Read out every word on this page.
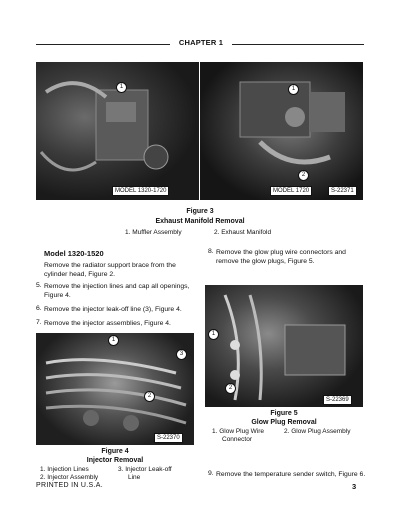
CHAPTER 1
1
MODEL 1320-1720
1
2
MODEL 1720	S-22371
Figure 3
Exhaust Manifold Removal
1. Muffler Assembly	2. Exhaust Manifold
Model 1320-1520
Remove the radiator support brace from the cylinder head, Figure 2.
5. Remove the injection lines and cap all openings, Figure 4.
6. Remove the injector leak-off line (3), Figure 4.
7. Remove the injector assemblies, Figure 4.
1
2
3
S-22370
Figure 4
Injector Removal
1. Injection Lines
2. Injector Assembly
3. Injector Leak-off
Line
8. Remove the glow plug wire connectors and remove the glow plugs, Figure 5.
1
2
S-22369
Figure 5
Glow Plug Removal
1. Glow Plug Wire
Connector
2. Glow Plug Assembly
9. Remove the temperature sender switch, Figure 6.
PRINTED IN U.S.A.	3
